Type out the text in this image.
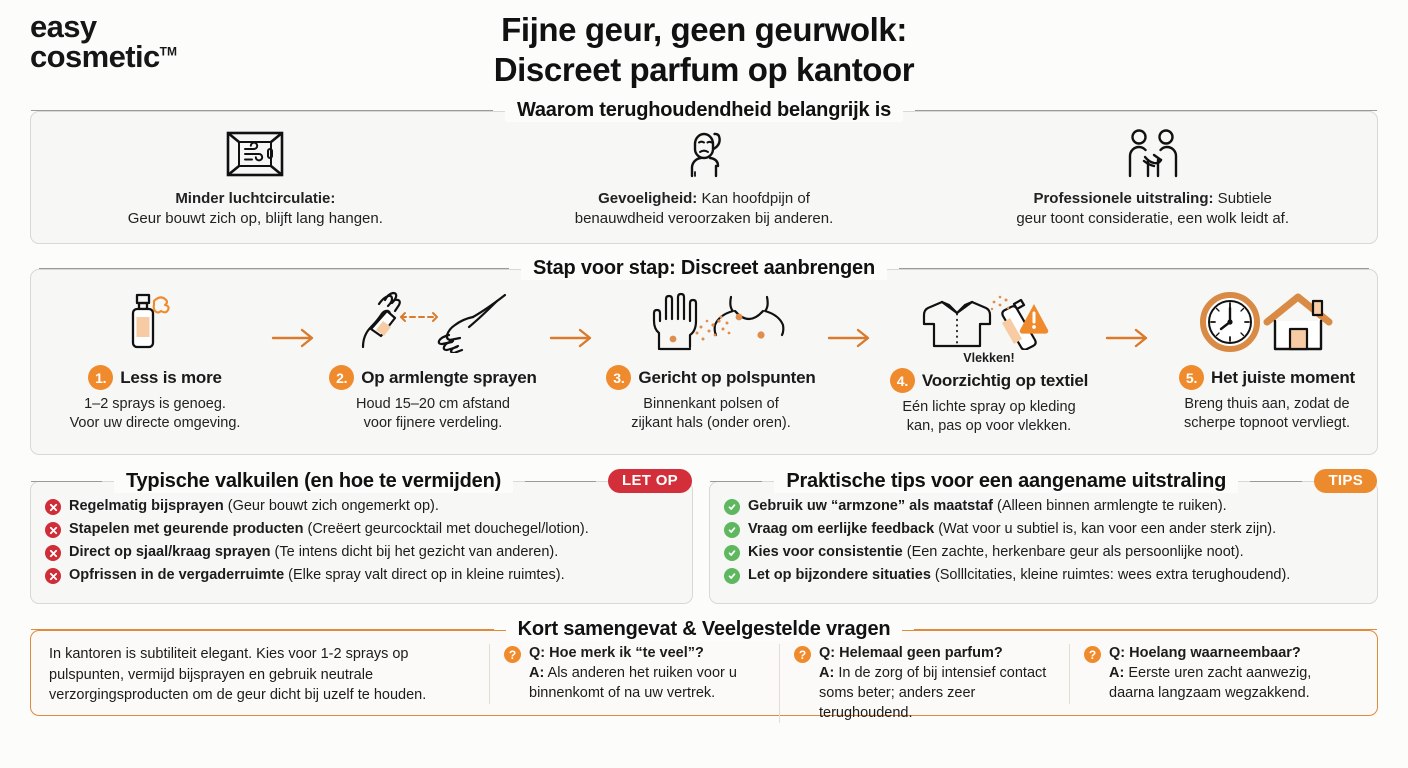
easy
cosmetic™
Fijne geur, geen geurwolk:
Discreet parfum op kantoor
Waarom terughoudendheid belangrijk is
Minder luchtcirculatie:
Geur bouwt zich op, blijft lang hangen.
Gevoeligheid: Kan hoofdpijn of
benauwdheid veroorzaken bij anderen.
Professionele uitstraling: Subtiele
geur toont consideratie, een wolk leidt af.
Stap voor stap: Discreet aanbrengen
1. Less is more
1–2 sprays is genoeg.
Voor uw directe omgeving.
2. Op armlengte sprayen
Houd 15–20 cm afstand
voor fijnere verdeling.
3. Gericht op polspunten
Binnenkant polsen of
zijkant hals (onder oren).
Vlekken!
4. Voorzichtig op textiel
Eén lichte spray op kleding
kan, pas op voor vlekken.
5. Het juiste moment
Breng thuis aan, zodat de
scherpe topnoot vervliegt.
Typische valkuilen (en hoe te vermijden)	LET OP
Regelmatig bijsprayen (Geur bouwt zich ongemerkt op).
Stapelen met geurende producten (Creëert geurcocktail met douchegel/lotion).
Direct op sjaal/kraag sprayen (Te intens dicht bij het gezicht van anderen).
Opfrissen in de vergaderruimte (Elke spray valt direct op in kleine ruimtes).
Praktische tips voor een aangename uitstraling	TIPS
Gebruik uw “armzone” als maatstaf (Alleen binnen armlengte te ruiken).
Vraag om eerlijke feedback (Wat voor u subtiel is, kan voor een ander sterk zijn).
Kies voor consistentie (Een zachte, herkenbare geur als persoonlijke noot).
Let op bijzondere situaties (Solllcitaties, kleine ruimtes: wees extra terughoudend).
Kort samengevat & Veelgestelde vragen
In kantoren is subtiliteit elegant. Kies voor 1-2 sprays op pulspunten, vermijd bijsprayen en gebruik neutrale verzorgingsproducten om de geur dicht bij uzelf te houden.
? Q: Hoe merk ik “te veel”?
A: Als anderen het ruiken voor u
binnenkomt of na uw vertrek.
? Q: Helemaal geen parfum?
A: In de zorg of bij intensief contact
soms beter; anders zeer terughoudend.
? Q: Hoelang waarneembaar?
A: Eerste uren zacht aanwezig,
daarna langzaam wegzakkend.
